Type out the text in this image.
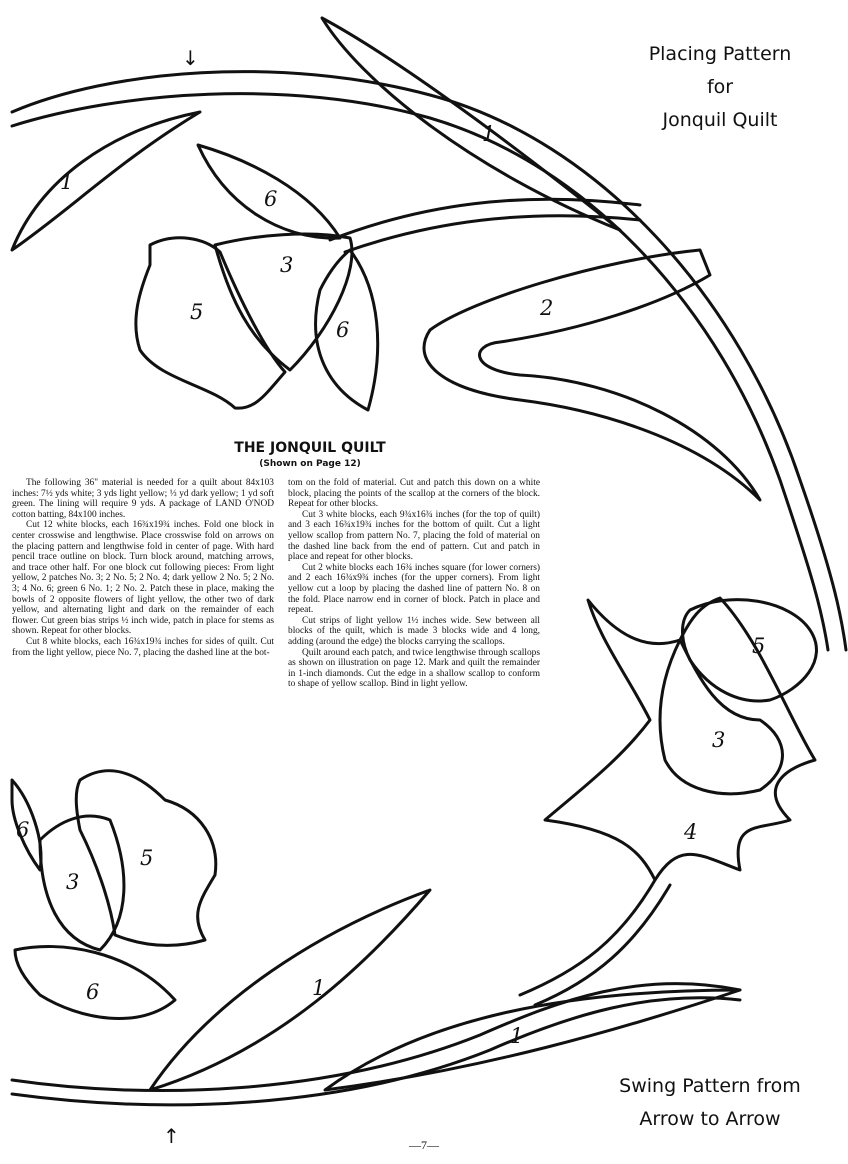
1
1
6
3
5
6
2
5
3
4
6
3
5
6	1
1
↓
↑
Placing Pattern
for
Jonquil Quilt
Swing Pattern from
Arrow to Arrow
THE JONQUIL QUILT
(Shown on Page 12)

The following 36" material is needed for a quilt about 84x103 inches: 7½ yds white; 3 yds light yellow; ⅓ yd dark yellow; 1 yd soft green. The lining will require 9 yds. A package of LAND O'NOD cotton batting, 84x100 inches.

Cut 12 white blocks, each 16¾x19¾ inches. Fold one block in center crosswise and lengthwise. Place crosswise fold on arrows on the placing pattern and lengthwise fold in center of page. With hard pencil trace outline on block. Turn block around, matching arrows, and trace other half. For one block cut following pieces: From light yellow, 2 patches No. 3; 2 No. 5; 2 No. 4; dark yellow 2 No. 5; 2 No. 3; 4 No. 6; green 6 No. 1; 2 No. 2. Patch these in place, making the bowls of 2 opposite flowers of light yellow, the other two of dark yellow, and alternating light and dark on the remainder of each flower. Cut green bias strips ½ inch wide, patch in place for stems as shown. Repeat for other blocks.

Cut 8 white blocks, each 16¾x19¾ inches for sides of quilt. Cut from the light yellow, piece No. 7, placing the dashed line at the bot-

tom on the fold of material. Cut and patch this down on a white block, placing the points of the scallop at the corners of the block. Repeat for other blocks.

Cut 3 white blocks, each 9¾x16¾ inches (for the top of quilt) and 3 each 16¾x19¾ inches for the bottom of quilt. Cut a light yellow scallop from pattern No. 7, placing the fold of material on the dashed line back from the end of pattern. Cut and patch in place and repeat for other blocks.

Cut 2 white blocks each 16¾ inches square (for lower corners) and 2 each 16¾x9¾ inches (for the upper corners). From light yellow cut a loop by placing the dashed line of pattern No. 8 on the fold. Place narrow end in corner of block. Patch in place and repeat.

Cut strips of light yellow 1½ inches wide. Sew between all blocks of the quilt, which is made 3 blocks wide and 4 long, adding (around the edge) the blocks carrying the scallops.

Quilt around each patch, and twice lengthwise through scallops as shown on illustration on page 12. Mark and quilt the remainder in 1-inch diamonds. Cut the edge in a shallow scallop to conform to shape of yellow scallop. Bind in light yellow.

—7—
